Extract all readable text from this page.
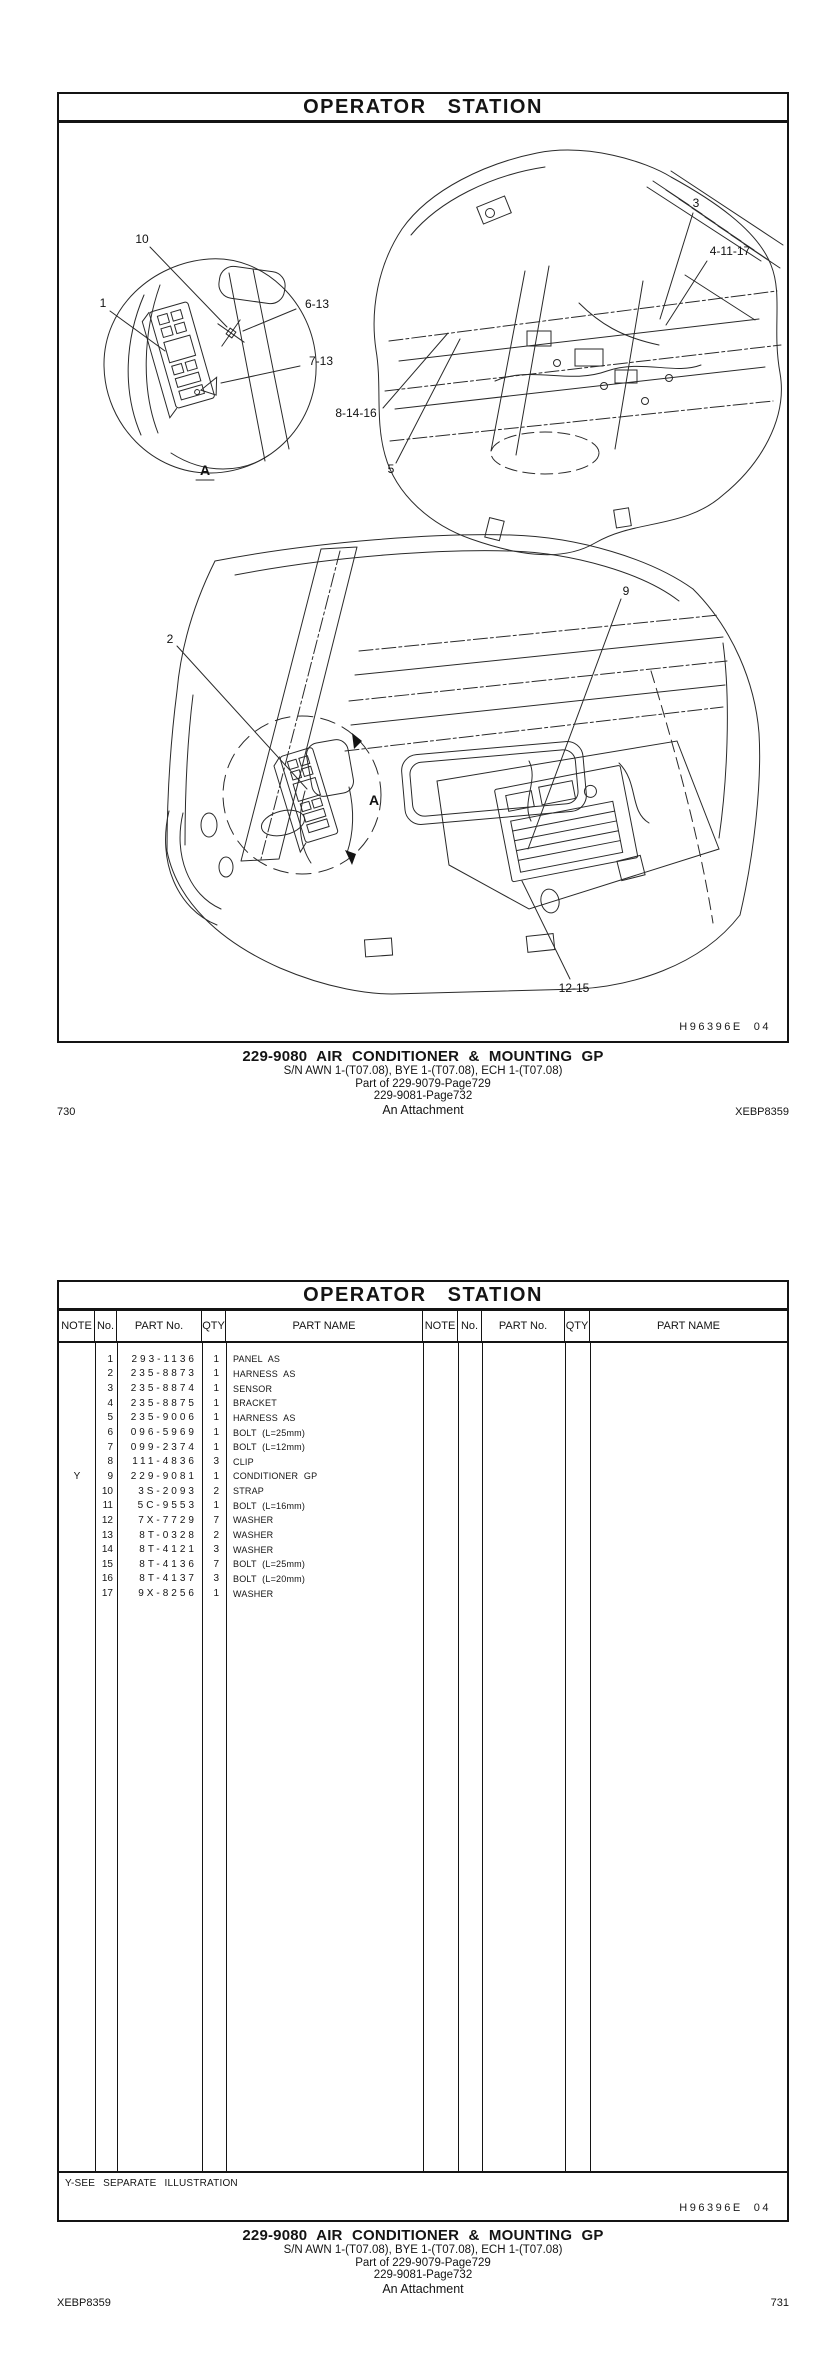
OPERATOR STATION
10
1	6-13
7-13
A
3
4-11-17
8-14-16
5
A
2
9
12-15
H96396E  04
229-9080 AIR CONDITIONER & MOUNTING GP
S/N AWN 1-(T07.08), BYE 1-(T07.08), ECH 1-(T07.08)
Part of 229-9079-Page729
229-9081-Page732
An Attachment
730	XEBP8359
OPERATOR STATION
NOTE No.	PART No.	QTY	PART NAME	NOTE No.	PART No.	QTY	PART NAME
1	293-1136	1	PANEL AS
2	235-8873	1	HARNESS AS
3	235-8874	1	SENSOR
4	235-8875	1	BRACKET
5	235-9006	1	HARNESS AS
6	096-5969	1	BOLT (L=25mm)
7	099-2374	1	BOLT (L=12mm)
8	111-4836	3	CLIP
Y	9	229-9081	1	CONDITIONER GP
10	3S-2093	2	STRAP
11	5C-9553	1	BOLT (L=16mm)
12	7X-7729	7	WASHER
13	8T-0328	2	WASHER
14	8T-4121	3	WASHER
15	8T-4136	7	BOLT (L=25mm)
16	8T-4137	3	BOLT (L=20mm)
17	9X-8256	1	WASHER
Y-SEE SEPARATE ILLUSTRATION
H96396E  04
229-9080 AIR CONDITIONER & MOUNTING GP
S/N AWN 1-(T07.08), BYE 1-(T07.08), ECH 1-(T07.08)
Part of 229-9079-Page729
229-9081-Page732
An Attachment
XEBP8359	731
